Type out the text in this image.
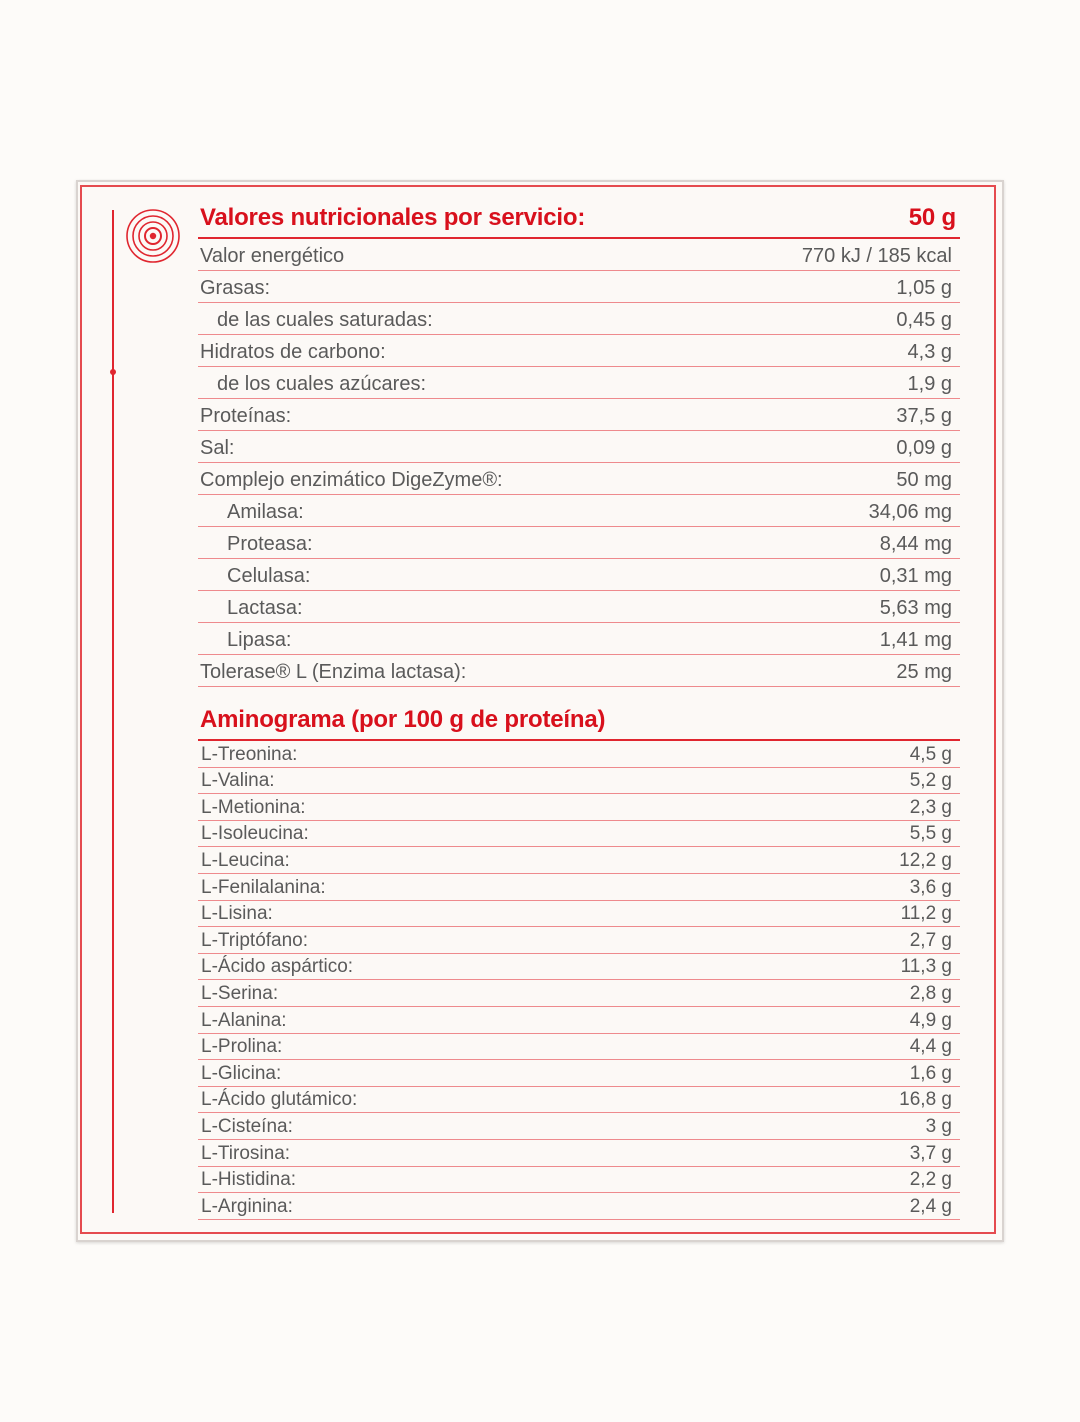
Valores nutricionales por servicio:	50 g
Valor energético	770 kJ / 185 kcal
Grasas:	1,05 g
de las cuales saturadas:	0,45 g
Hidratos de carbono:	4,3 g
de los cuales azúcares:	1,9 g
Proteínas:	37,5 g
Sal:	0,09 g
Complejo enzimático DigeZyme®:	50 mg
Amilasa:	34,06 mg
Proteasa:	8,44 mg
Celulasa:	0,31 mg
Lactasa:	5,63 mg
Lipasa:	1,41 mg
Tolerase® L (Enzima lactasa):	25 mg
Aminograma (por 100 g de proteína)
L-Treonina:	4,5 g
L-Valina:	5,2 g
L-Metionina:	2,3 g
L-Isoleucina:	5,5 g
L-Leucina:	12,2 g
L-Fenilalanina:	3,6 g
L-Lisina:	11,2 g
L-Triptófano:	2,7 g
L-Ácido aspártico:	11,3 g
L-Serina:	2,8 g
L-Alanina:	4,9 g
L-Prolina:	4,4 g
L-Glicina:	1,6 g
L-Ácido glutámico:	16,8 g
L-Cisteína:	3 g
L-Tirosina:	3,7 g
L-Histidina:	2,2 g
L-Arginina:	2,4 g
